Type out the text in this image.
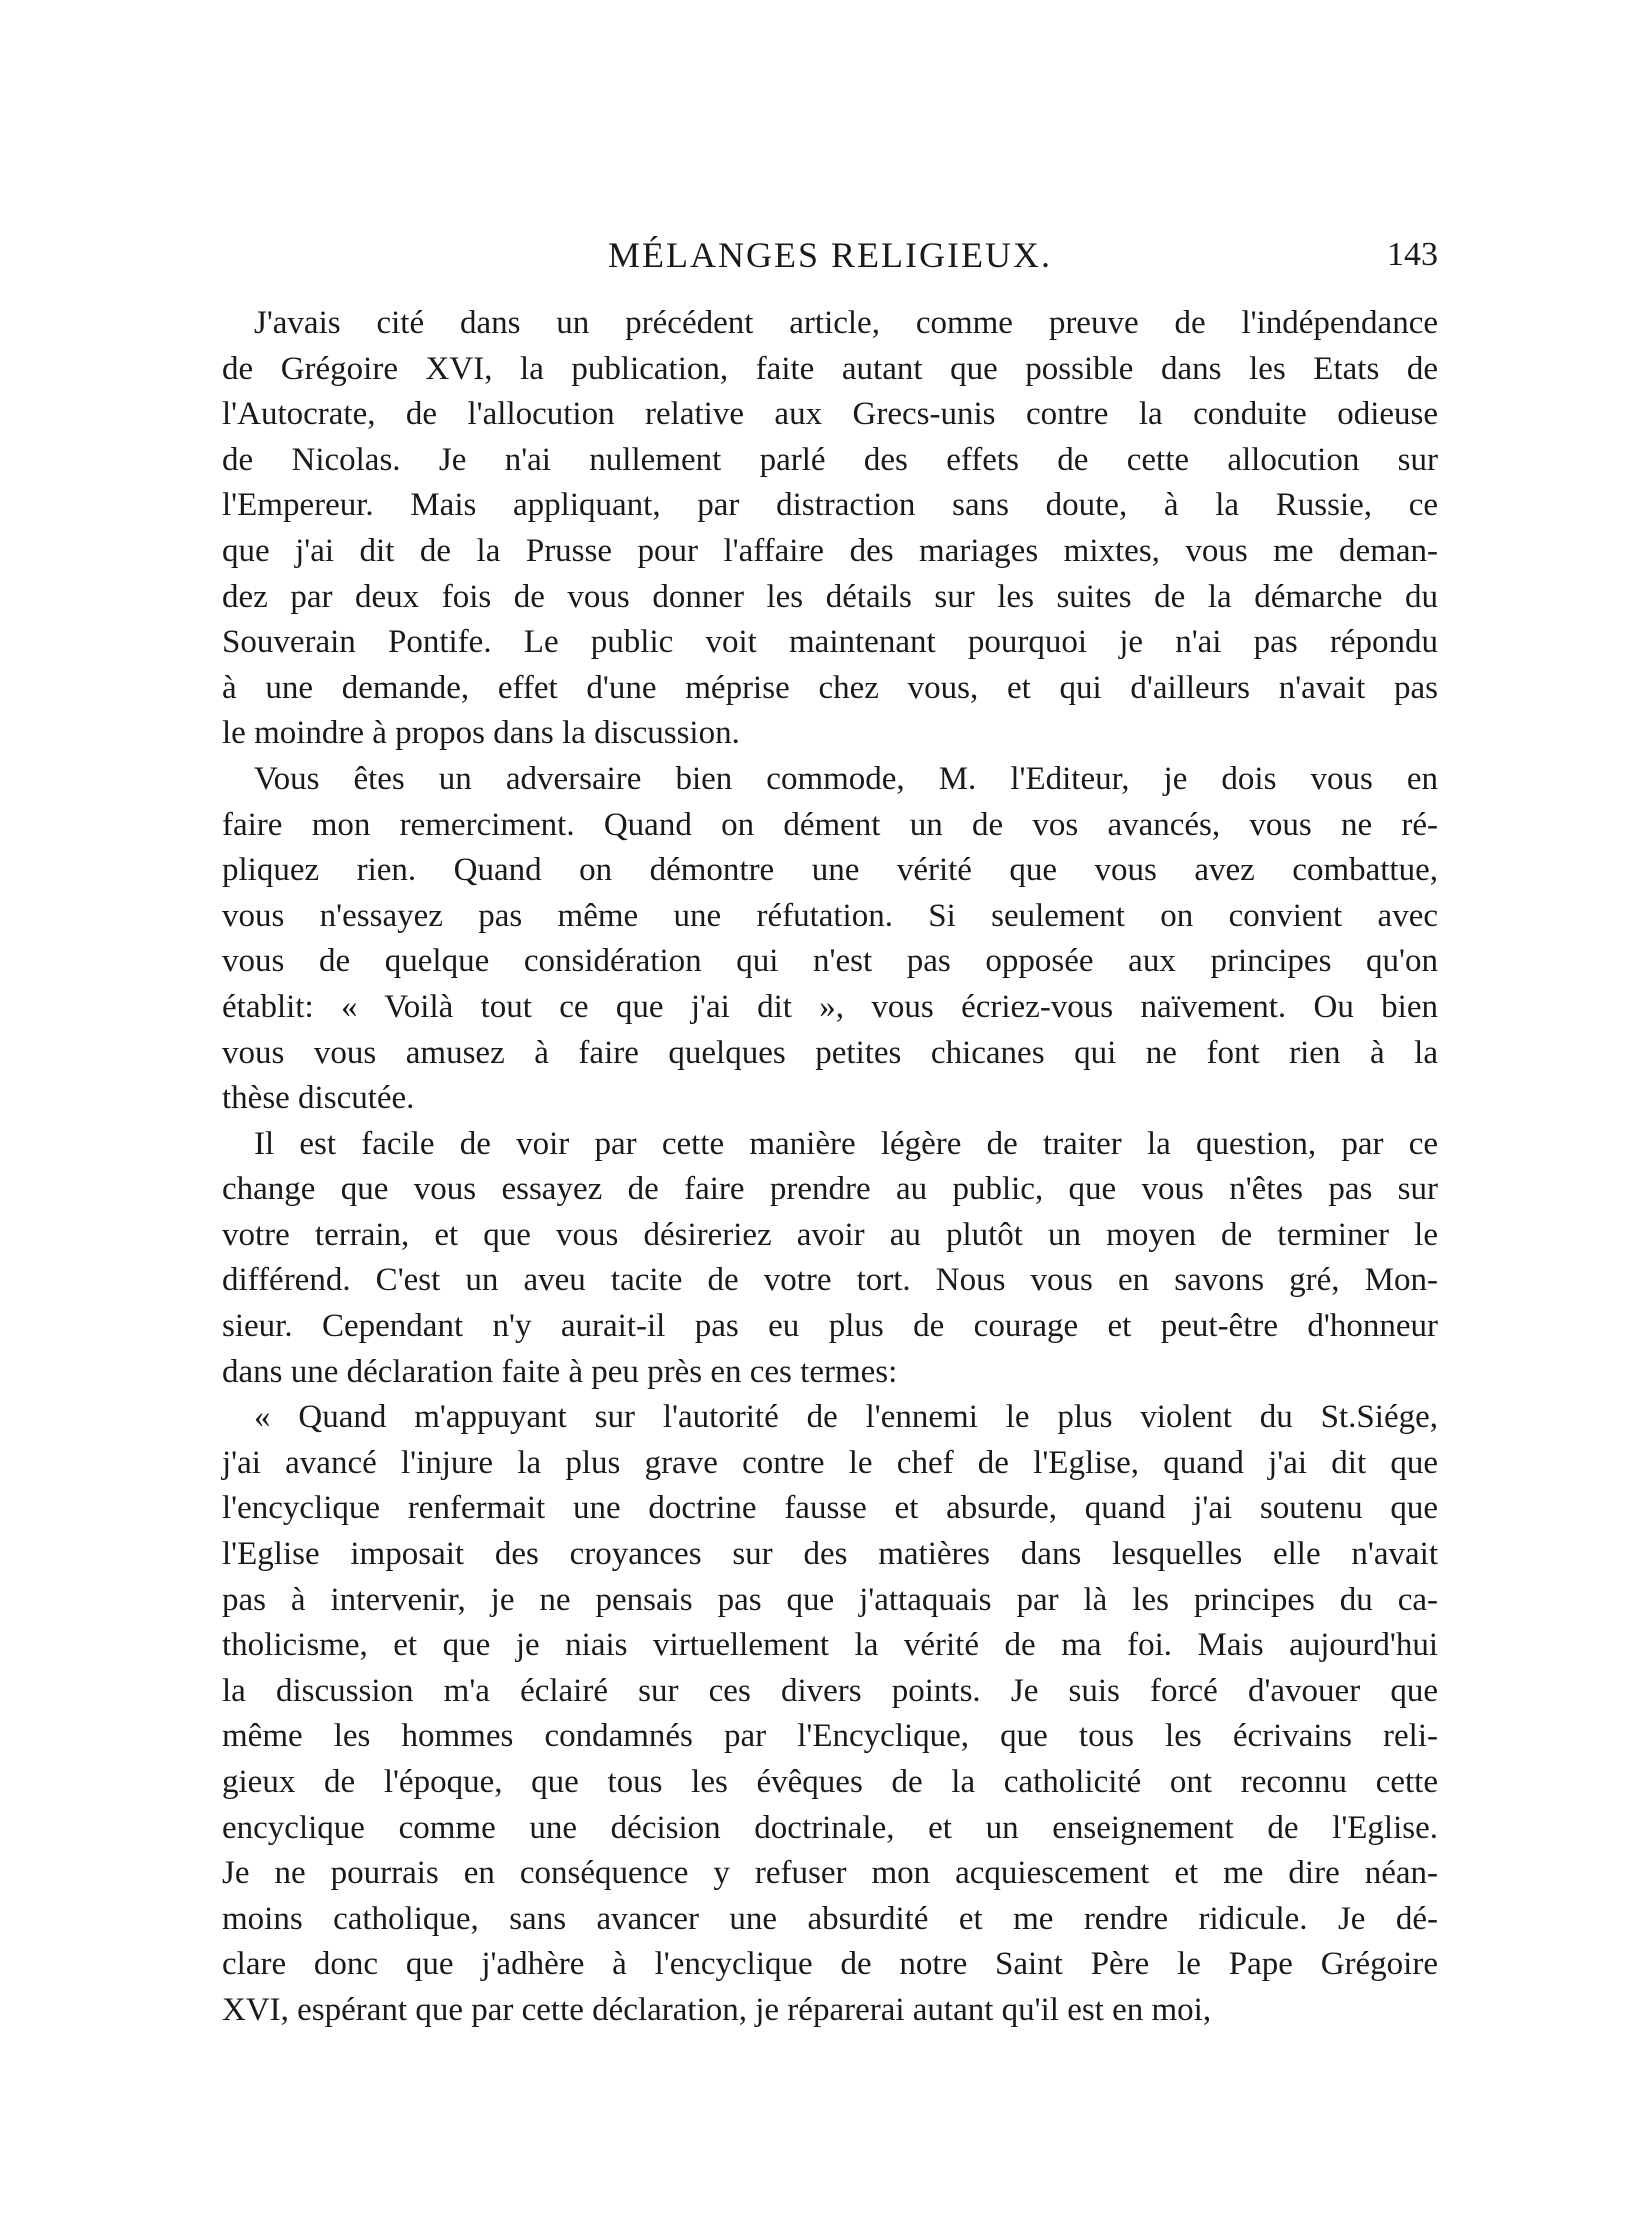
MÉLANGES RELIGIEUX.	143
J'avais cité dans un précédent article, comme preuve de l'indépendance
de Grégoire XVI, la publication, faite autant que possible dans les Etats de
l'Autocrate, de l'allocution relative aux Grecs-unis contre la conduite odieuse
de Nicolas. Je n'ai nullement parlé des effets de cette allocution sur
l'Empereur. Mais appliquant, par distraction sans doute, à la Russie, ce
que j'ai dit de la Prusse pour l'affaire des mariages mixtes, vous me deman-
dez par deux fois de vous donner les détails sur les suites de la démarche du
Souverain Pontife. Le public voit maintenant pourquoi je n'ai pas répondu
à une demande, effet d'une méprise chez vous, et qui d'ailleurs n'avait pas
le moindre à propos dans la discussion.
Vous êtes un adversaire bien commode, M. l'Editeur, je dois vous en
faire mon remerciment. Quand on dément un de vos avancés, vous ne ré-
pliquez rien. Quand on démontre une vérité que vous avez combattue,
vous n'essayez pas même une réfutation. Si seulement on convient avec
vous de quelque considération qui n'est pas opposée aux principes qu'on
établit: « Voilà tout ce que j'ai dit », vous écriez-vous naïvement. Ou bien
vous vous amusez à faire quelques petites chicanes qui ne font rien à la
thèse discutée.
Il est facile de voir par cette manière légère de traiter la question, par ce
change que vous essayez de faire prendre au public, que vous n'êtes pas sur
votre terrain, et que vous désireriez avoir au plutôt un moyen de terminer le
différend. C'est un aveu tacite de votre tort. Nous vous en savons gré, Mon-
sieur. Cependant n'y aurait-il pas eu plus de courage et peut-être d'honneur
dans une déclaration faite à peu près en ces termes:
« Quand m'appuyant sur l'autorité de l'ennemi le plus violent du St.Siége,
j'ai avancé l'injure la plus grave contre le chef de l'Eglise, quand j'ai dit que
l'encyclique renfermait une doctrine fausse et absurde, quand j'ai soutenu que
l'Eglise imposait des croyances sur des matières dans lesquelles elle n'avait
pas à intervenir, je ne pensais pas que j'attaquais par là les principes du ca-
tholicisme, et que je niais virtuellement la vérité de ma foi. Mais aujourd'hui
la discussion m'a éclairé sur ces divers points. Je suis forcé d'avouer que
même les hommes condamnés par l'Encyclique, que tous les écrivains reli-
gieux de l'époque, que tous les évêques de la catholicité ont reconnu cette
encyclique comme une décision doctrinale, et un enseignement de l'Eglise.
Je ne pourrais en conséquence y refuser mon acquiescement et me dire néan-
moins catholique, sans avancer une absurdité et me rendre ridicule. Je dé-
clare donc que j'adhère à l'encyclique de notre Saint Père le Pape Grégoire
XVI, espérant que par cette déclaration, je réparerai autant qu'il est en moi,
